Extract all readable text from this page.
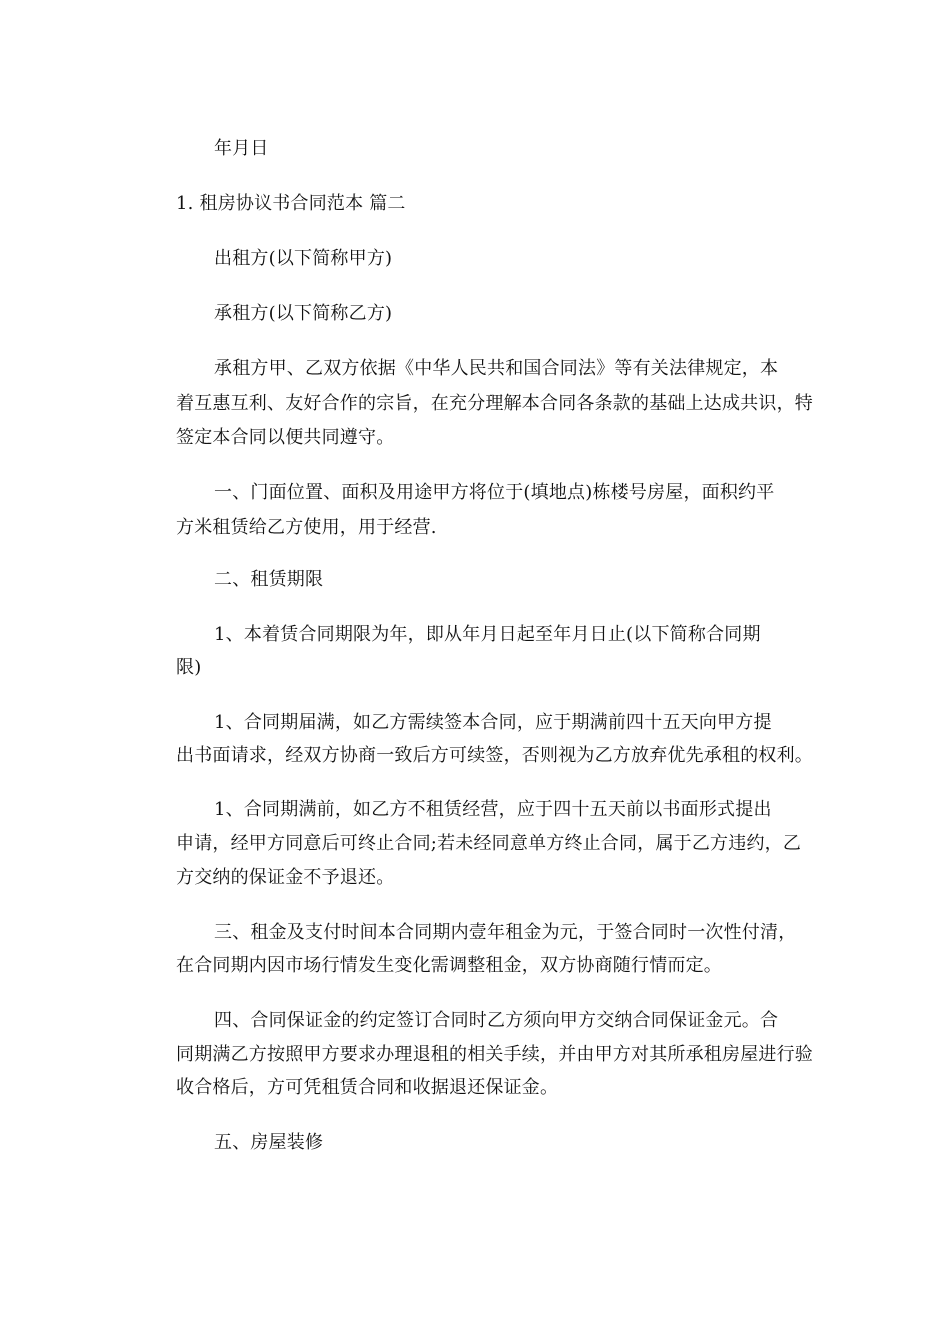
年月日
1. 租房协议书合同范本 篇二
出租方(以下简称甲方)
承租方(以下简称乙方)
承租方甲、乙双方依据《中华人民共和国合同法》等有关法律规定，本
着互惠互利、友好合作的宗旨，在充分理解本合同各条款的基础上达成共识，特
签定本合同以便共同遵守。
一、门面位置、面积及用途甲方将位于(填地点)栋楼号房屋，面积约平
方米租赁给乙方使用，用于经营.
二、租赁期限
1、本着赁合同期限为年，即从年月日起至年月日止(以下简称合同期
限)
1、合同期届满，如乙方需续签本合同，应于期满前四十五天向甲方提
出书面请求，经双方协商一致后方可续签，否则视为乙方放弃优先承租的权利。
1、合同期满前，如乙方不租赁经营，应于四十五天前以书面形式提出
申请，经甲方同意后可终止合同;若未经同意单方终止合同，属于乙方违约，乙
方交纳的保证金不予退还。
三、租金及支付时间本合同期内壹年租金为元，于签合同时一次性付清，
在合同期内因市场行情发生变化需调整租金，双方协商随行情而定。
四、合同保证金的约定签订合同时乙方须向甲方交纳合同保证金元。合
同期满乙方按照甲方要求办理退租的相关手续，并由甲方对其所承租房屋进行验
收合格后，方可凭租赁合同和收据退还保证金。
五、房屋装修
